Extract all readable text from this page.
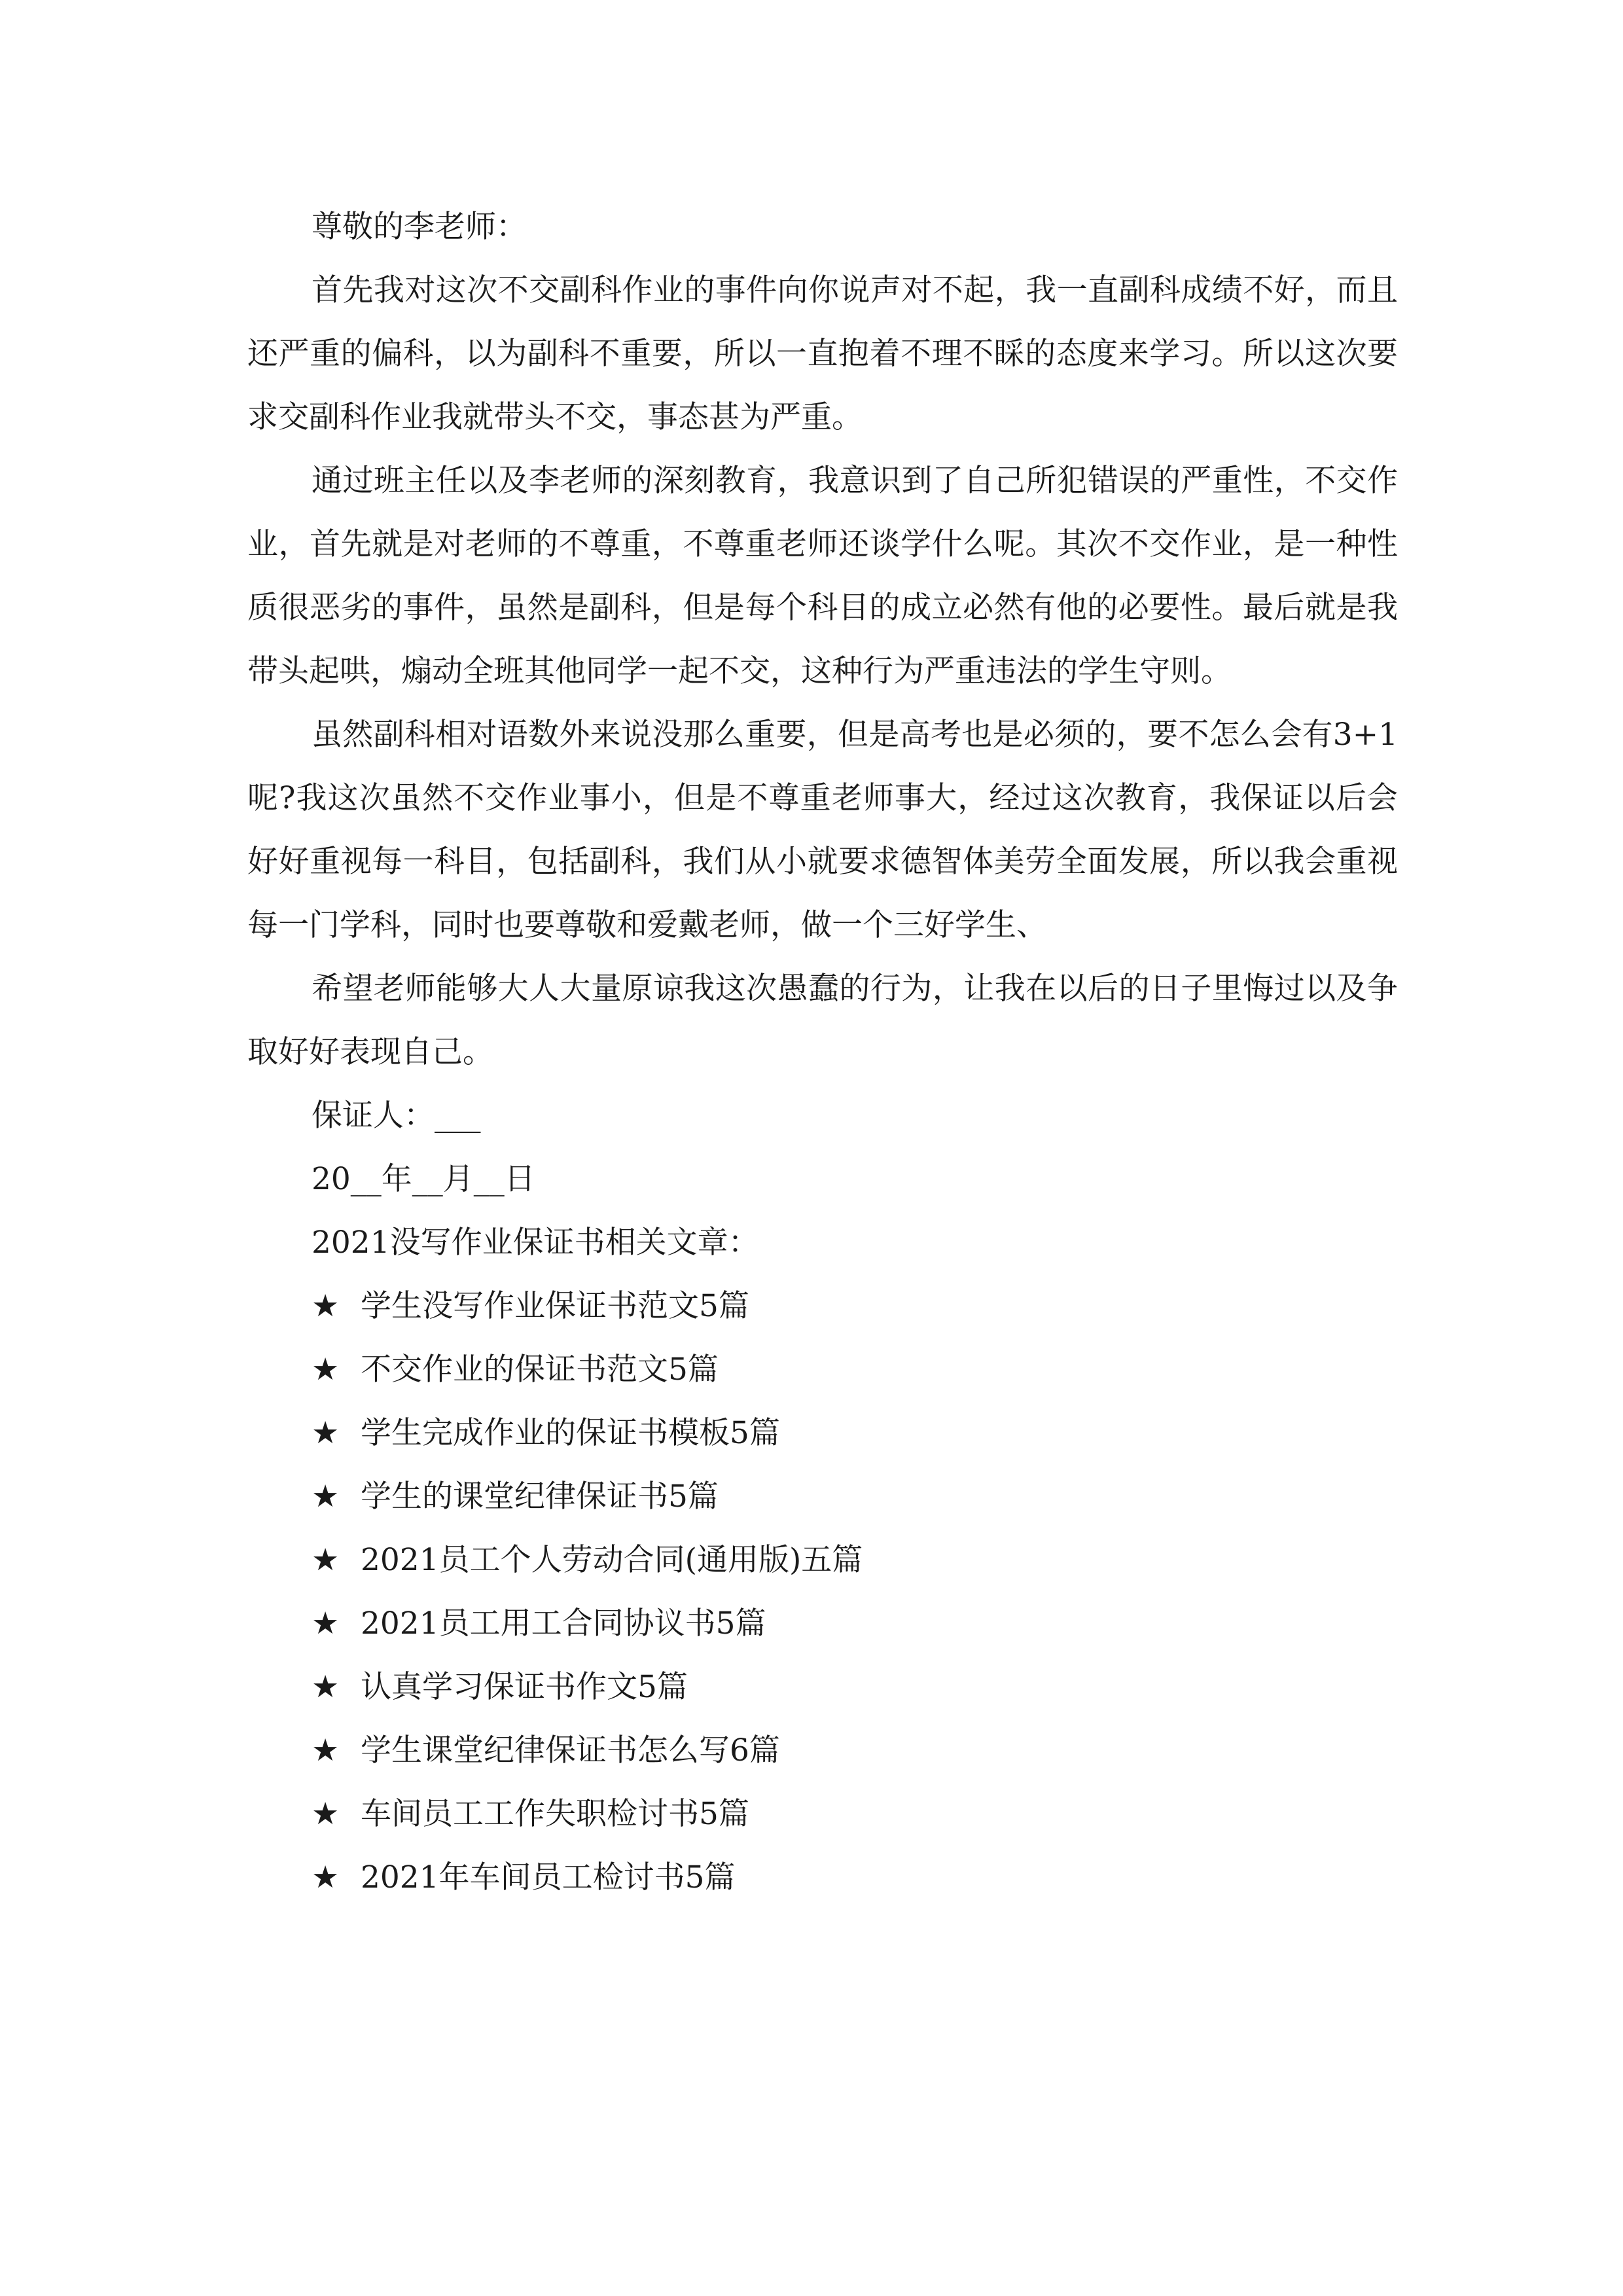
尊敬的李老师：

首先我对这次不交副科作业的事件向你说声对不起，我一直副科成绩不好，而且还严重的偏科，以为副科不重要，所以一直抱着不理不睬的态度来学习。所以这次要求交副科作业我就带头不交，事态甚为严重。

通过班主任以及李老师的深刻教育，我意识到了自己所犯错误的严重性，不交作业，首先就是对老师的不尊重，不尊重老师还谈学什么呢。其次不交作业，是一种性质很恶劣的事件，虽然是副科，但是每个科目的成立必然有他的必要性。最后就是我带头起哄，煽动全班其他同学一起不交，这种行为严重违法的学生守则。

虽然副科相对语数外来说没那么重要，但是高考也是必须的，要不怎么会有3+1呢?我这次虽然不交作业事小，但是不尊重老师事大，经过这次教育，我保证以后会好好重视每一科目，包括副科，我们从小就要求德智体美劳全面发展，所以我会重视每一门学科，同时也要尊敬和爱戴老师，做一个三好学生、

希望老师能够大人大量原谅我这次愚蠢的行为，让我在以后的日子里悔过以及争取好好表现自己。

保证人：___

20__年__月__日

2021没写作业保证书相关文章：

★ 学生没写作业保证书范文5篇
★ 不交作业的保证书范文5篇
★ 学生完成作业的保证书模板5篇
★ 学生的课堂纪律保证书5篇
★ 2021员工个人劳动合同(通用版)五篇
★ 2021员工用工合同协议书5篇
★ 认真学习保证书作文5篇
★ 学生课堂纪律保证书怎么写6篇
★ 车间员工工作失职检讨书5篇
★ 2021年车间员工检讨书5篇
